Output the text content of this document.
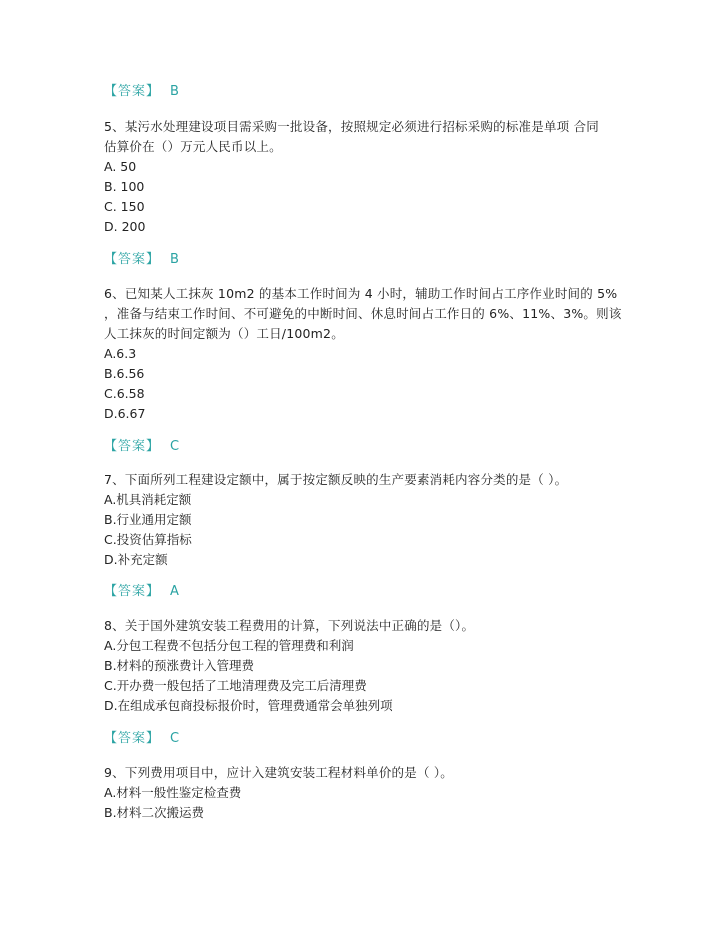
【答案】 B
5、某污水处理建设项目需采购一批设备，按照规定必须进行招标采购的标准是单项 合同
估算价在（）万元人民币以上。
A. 50
B. 100
C. 150
D. 200
【答案】 B
6、已知某人工抹灰 10m2 的基本工作时间为 4 小时，辅助工作时间占工序作业时间的 5%
，准备与结束工作时间、不可避免的中断时间、休息时间占工作日的 6%、11%、3%。则该
人工抹灰的时间定额为（）工日/100m2。
A.6.3
B.6.56
C.6.58
D.6.67
【答案】 C
7、下面所列工程建设定额中，属于按定额反映的生产要素消耗内容分类的是（ ）。
A.机具消耗定额
B.行业通用定额
C.投资估算指标
D.补充定额
【答案】 A
8、关于国外建筑安装工程费用的计算，下列说法中正确的是（）。
A.分包工程费不包括分包工程的管理费和利润
B.材料的预涨费计入管理费
C.开办费一般包括了工地清理费及完工后清理费
D.在组成承包商投标报价时，管理费通常会单独列项
【答案】 C
9、下列费用项目中，应计入建筑安装工程材料单价的是（ ）。
A.材料一般性鉴定检查费
B.材料二次搬运费
